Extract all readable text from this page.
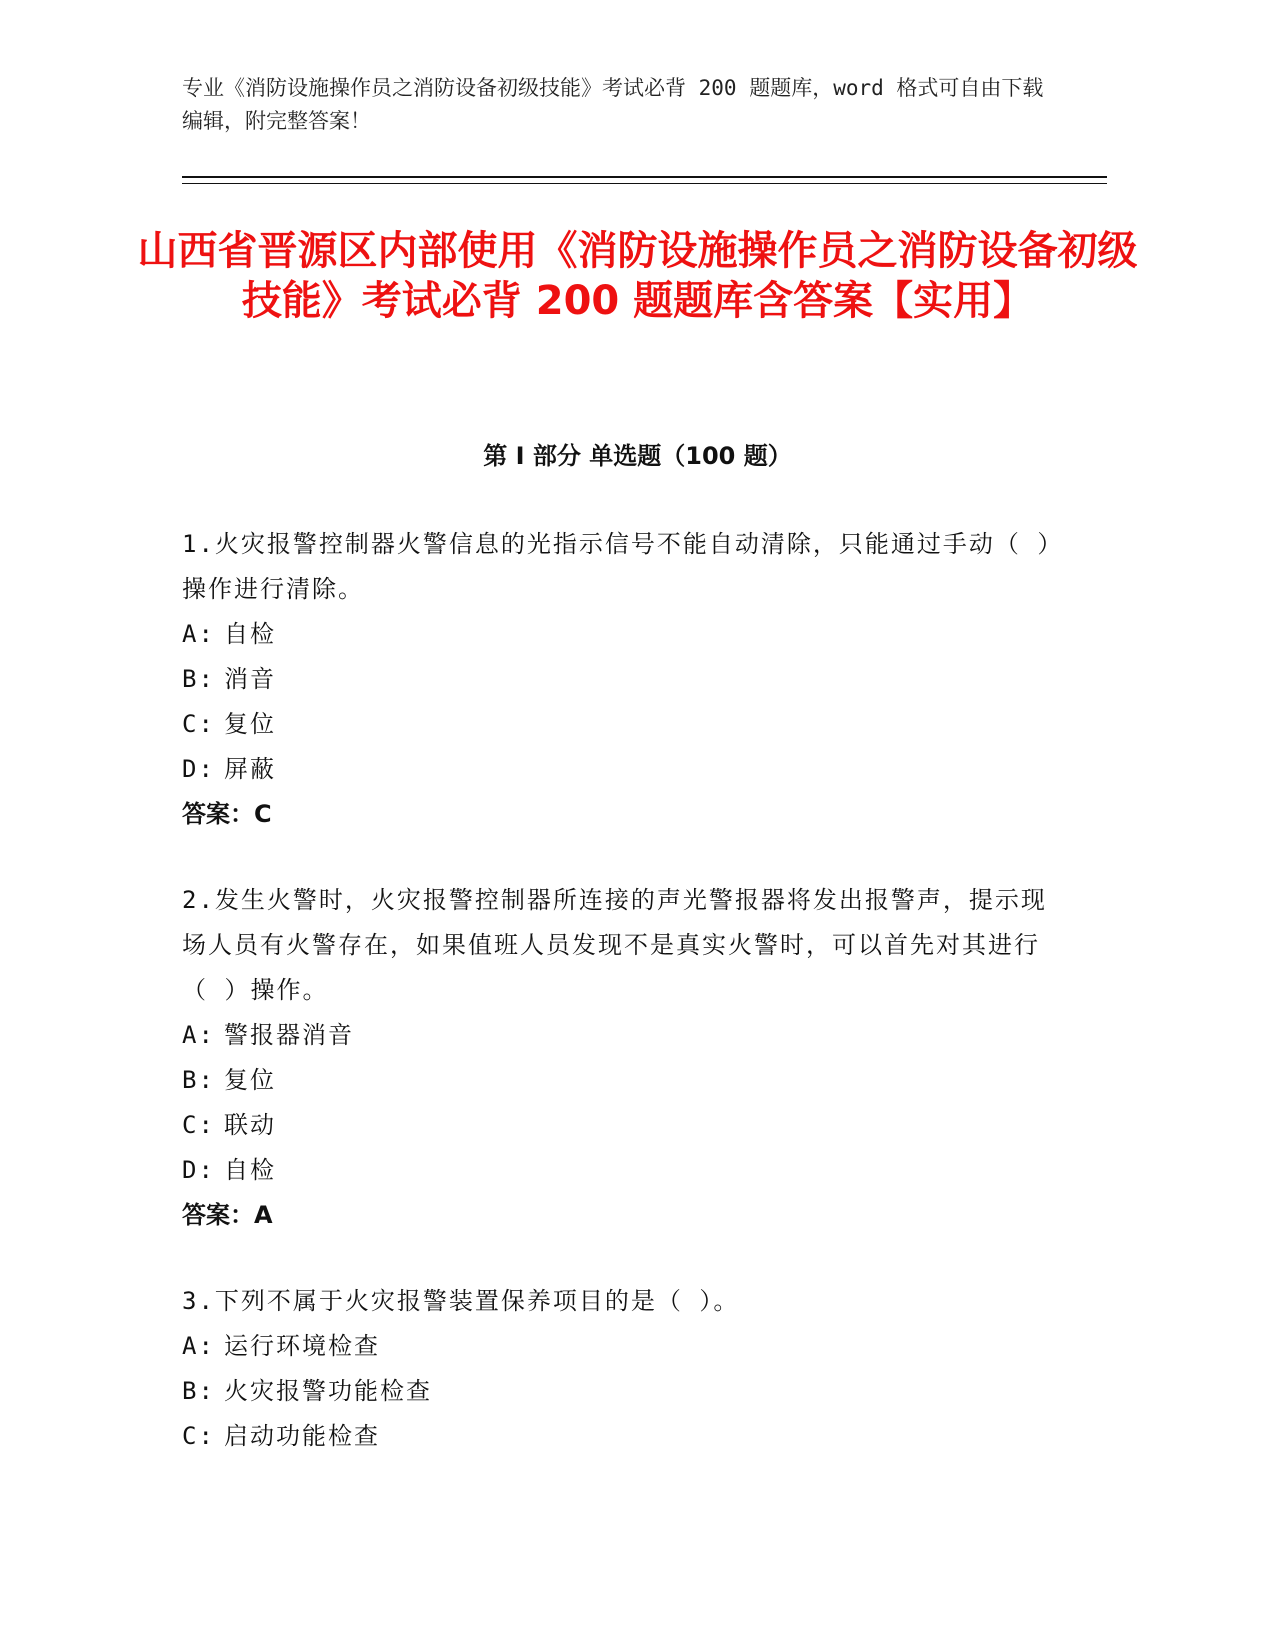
专业《消防设施操作员之消防设备初级技能》考试必背 200 题题库，word 格式可自由下载编辑，附完整答案！
山西省晋源区内部使用《消防设施操作员之消防设备初级技能》考试必背 200 题题库含答案【实用】
第 I 部分 单选题（100 题）
1.火灾报警控制器火警信息的光指示信号不能自动清除，只能通过手动（ ）操作进行清除。
A: 自检
B: 消音
C: 复位
D: 屏蔽
答案：C
2.发生火警时，火灾报警控制器所连接的声光警报器将发出报警声，提示现场人员有火警存在，如果值班人员发现不是真实火警时，可以首先对其进行（ ）操作。
A: 警报器消音
B: 复位
C: 联动
D: 自检
答案：A
3.下列不属于火灾报警装置保养项目的是（ ）。
A: 运行环境检查
B: 火灾报警功能检查
C: 启动功能检查
